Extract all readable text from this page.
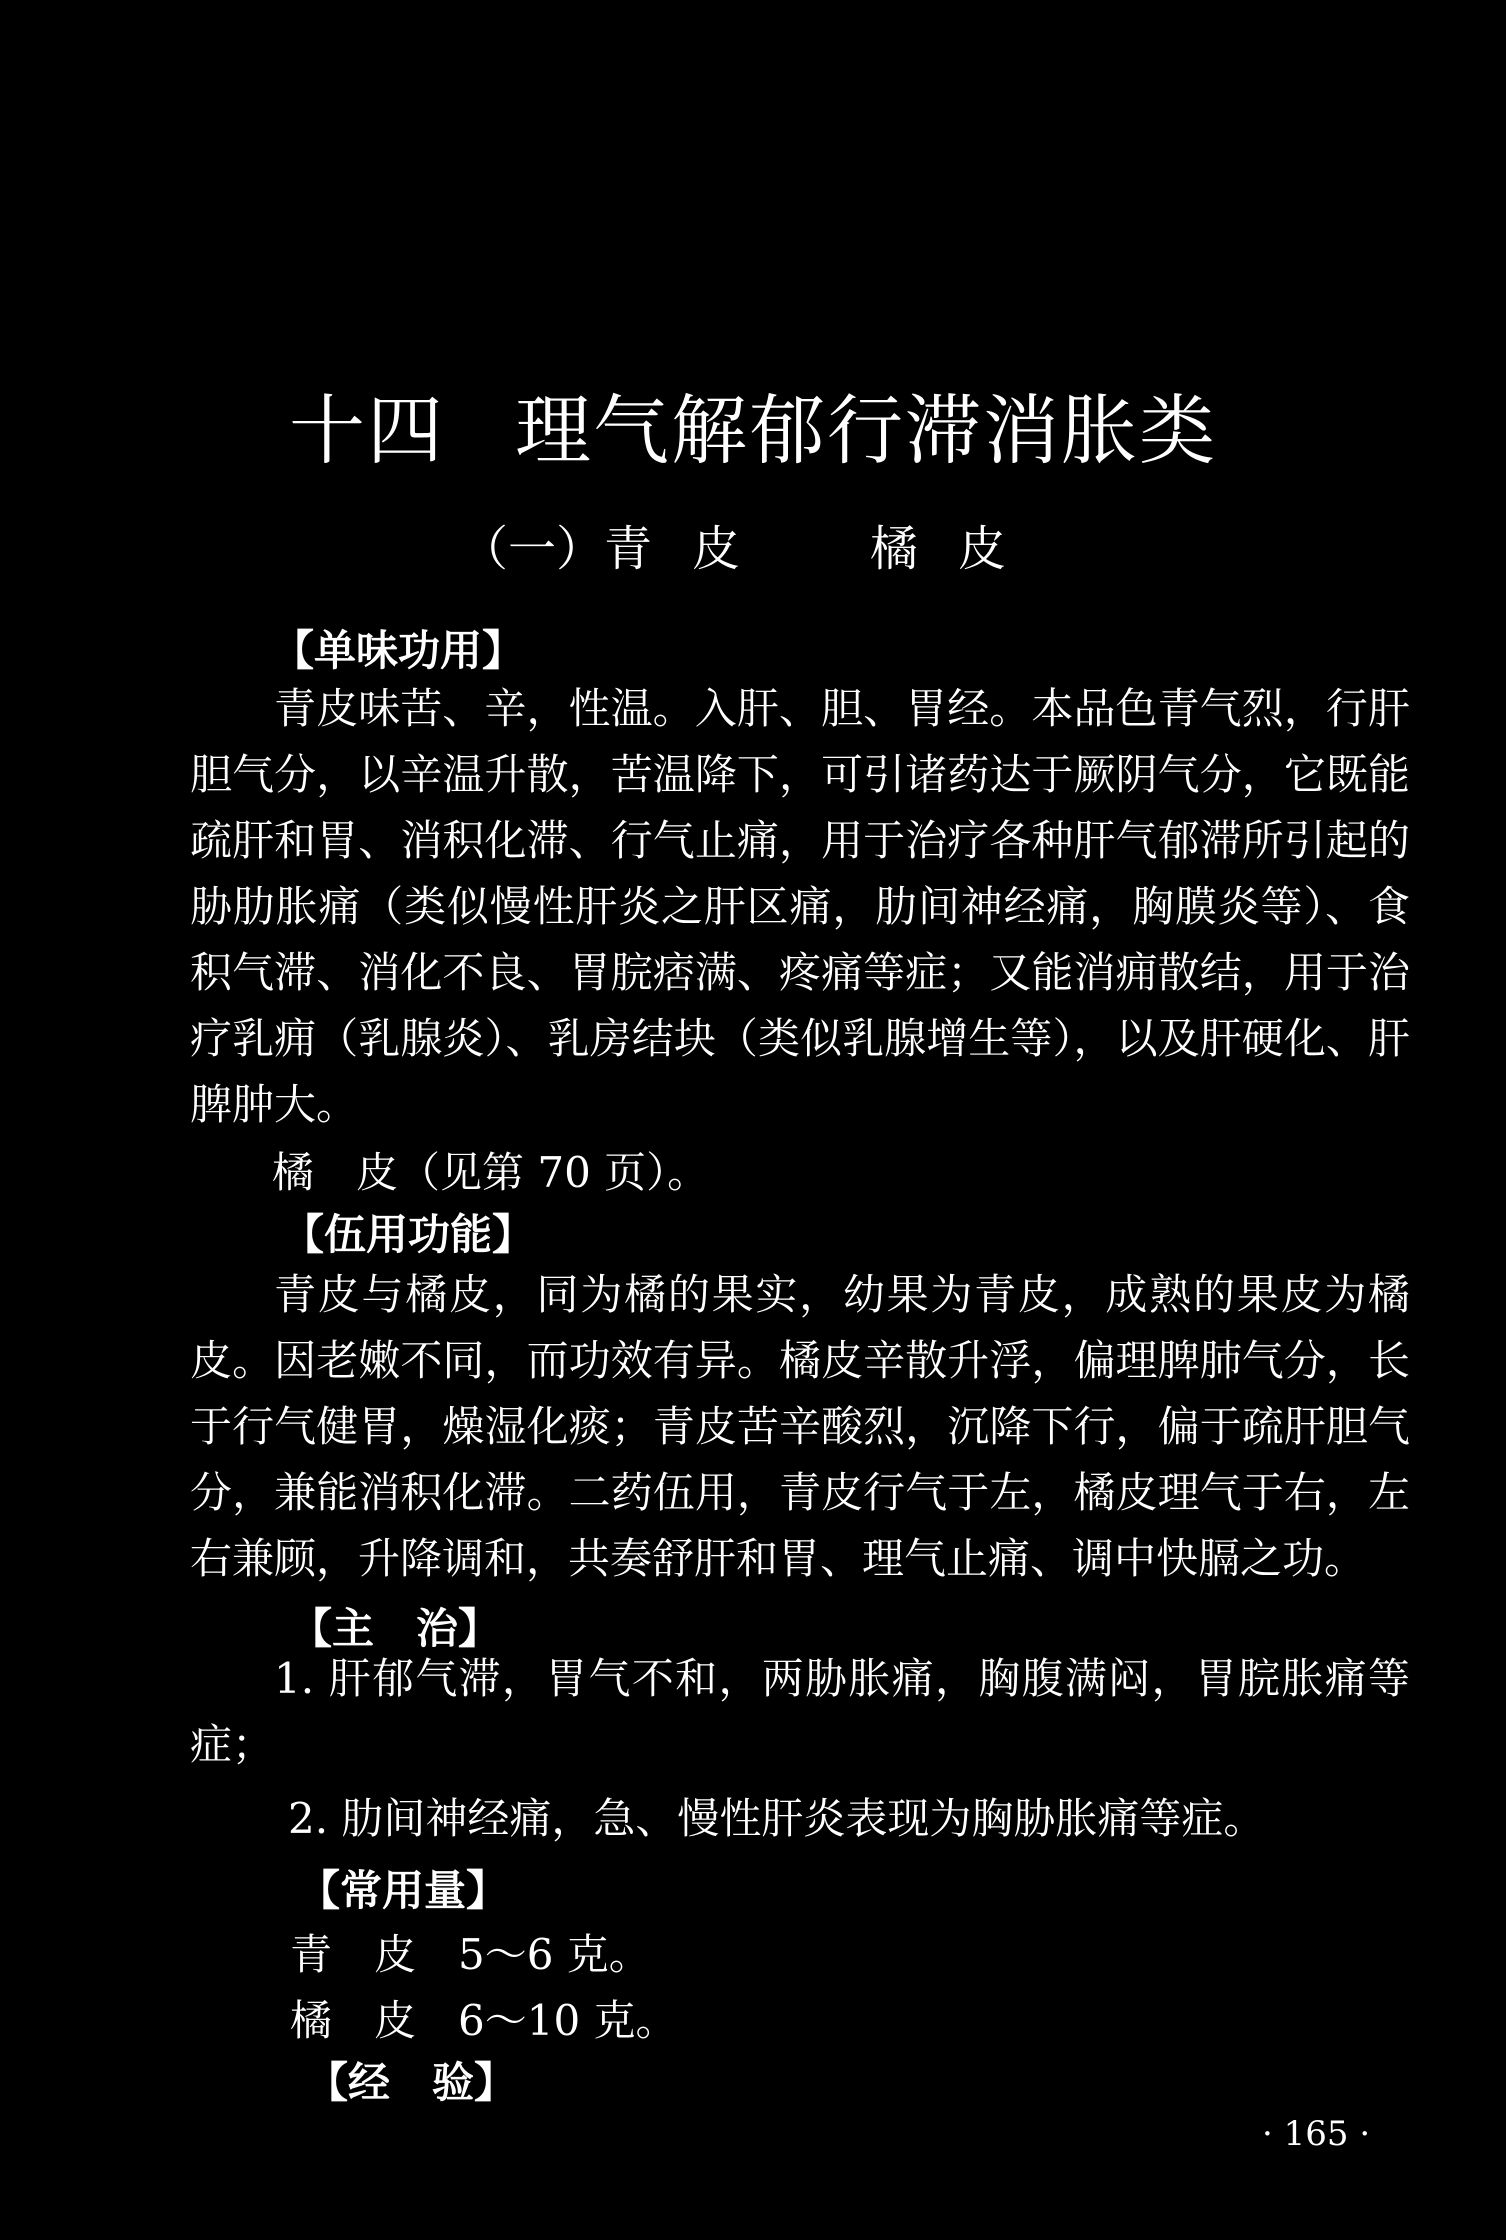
十四 理气解郁行滞消胀类
（一）青皮 橘皮
【单味功用】

青皮味苦、辛，性温。入肝、胆、胃经。本品色青气烈，行肝胆气分，以辛温升散，苦温降下，可引诸药达于厥阴气分，它既能疏肝和胃、消积化滞、行气止痛，用于治疗各种肝气郁滞所引起的胁肋胀痛（类似慢性肝炎之肝区痛，肋间神经痛，胸膜炎等）、食积气滞、消化不良、胃脘痞满、疼痛等症；又能消痈散结，用于治疗乳痈（乳腺炎）、乳房结块（类似乳腺增生等），以及肝硬化、肝脾肿大。

橘　皮（见第 70 页）。
【伍用功能】

青皮与橘皮，同为橘的果实，幼果为青皮，成熟的果皮为橘皮。因老嫩不同，而功效有异。橘皮辛散升浮，偏理脾肺气分，长于行气健胃，燥湿化痰；青皮苦辛酸烈，沉降下行，偏于疏肝胆气分，兼能消积化滞。二药伍用，青皮行气于左，橘皮理气于右，左右兼顾，升降调和，共奏舒肝和胃、理气止痛、调中快膈之功。

【主　治】

1. 肝郁气滞，胃气不和，两胁胀痛，胸腹满闷，胃脘胀痛等症；

2. 肋间神经痛，急、慢性肝炎表现为胸胁胀痛等症。
【常用量】
青　皮　5～6 克。
橘　皮　6～10 克。
【经　验】
· 165 ·
